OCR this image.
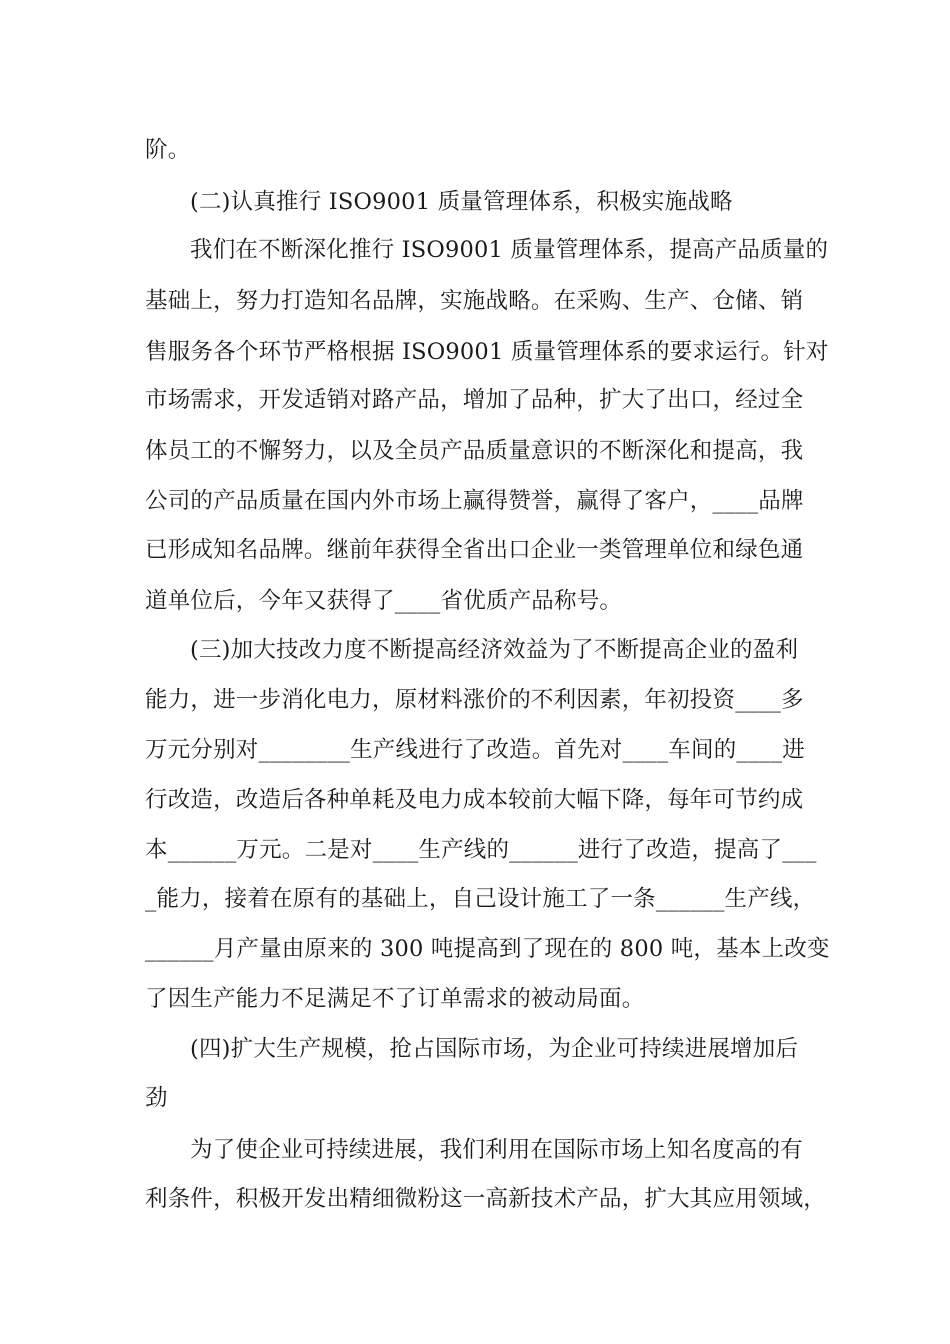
阶。
(二)认真推行 ISO9001 质量管理体系，积极实施战略
我们在不断深化推行 ISO9001 质量管理体系，提高产品质量的
基础上，努力打造知名品牌，实施战略。在采购、生产、仓储、销
售服务各个环节严格根据 ISO9001 质量管理体系的要求运行。针对
市场需求，开发适销对路产品，增加了品种，扩大了出口，经过全
体员工的不懈努力，以及全员产品质量意识的不断深化和提高，我
公司的产品质量在国内外市场上赢得赞誉，赢得了客户，____品牌
已形成知名品牌。继前年获得全省出口企业一类管理单位和绿色通
道单位后，今年又获得了____省优质产品称号。
(三)加大技改力度不断提高经济效益为了不断提高企业的盈利
能力，进一步消化电力，原材料涨价的不利因素，年初投资____多
万元分别对________生产线进行了改造。首先对____车间的____进
行改造，改造后各种单耗及电力成本较前大幅下降，每年可节约成
本______万元。二是对____生产线的______进行了改造，提高了___
_能力，接着在原有的基础上，自己设计施工了一条______生产线，
______月产量由原来的 300 吨提高到了现在的 800 吨，基本上改变
了因生产能力不足满足不了订单需求的被动局面。
(四)扩大生产规模，抢占国际市场，为企业可持续进展增加后
劲
为了使企业可持续进展，我们利用在国际市场上知名度高的有
利条件，积极开发出精细微粉这一高新技术产品，扩大其应用领域，
